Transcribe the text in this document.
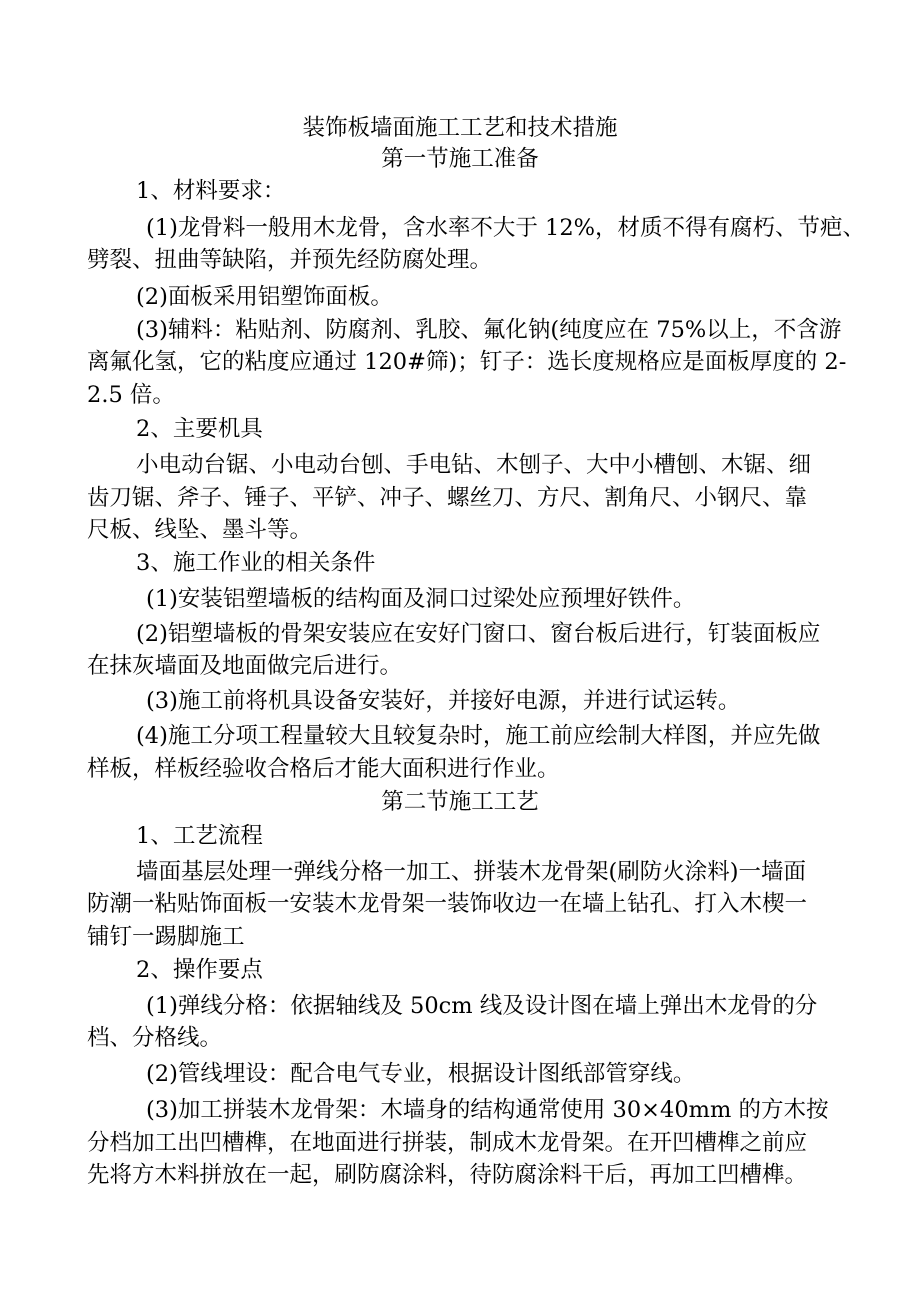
装饰板墙面施工工艺和技术措施
第一节施工准备
1、材料要求：
(1)龙骨料一般用木龙骨，含水率不大于 12%，材质不得有腐朽、节疤、
劈裂、扭曲等缺陷，并预先经防腐处理。
(2)面板采用铝塑饰面板。
(3)辅料：粘贴剂、防腐剂、乳胶、氟化钠(纯度应在 75%以上，不含游
离氟化氢，它的粘度应通过 120#筛)；钉子：选长度规格应是面板厚度的 2-
2.5 倍。
2、主要机具
小电动台锯、小电动台刨、手电钻、木刨子、大中小槽刨、木锯、细
齿刀锯、斧子、锤子、平铲、冲子、螺丝刀、方尺、割角尺、小钢尺、靠
尺板、线坠、墨斗等。
3、施工作业的相关条件
(1)安装铝塑墙板的结构面及洞口过梁处应预埋好铁件。
(2)铝塑墙板的骨架安装应在安好门窗口、窗台板后进行，钉装面板应
在抹灰墙面及地面做完后进行。
(3)施工前将机具设备安装好，并接好电源，并进行试运转。
(4)施工分项工程量较大且较复杂时，施工前应绘制大样图，并应先做
样板，样板经验收合格后才能大面积进行作业。
第二节施工工艺
1、工艺流程
墙面基层处理一弹线分格一加工、拼装木龙骨架(刷防火涂料)一墙面
防潮一粘贴饰面板一安装木龙骨架一装饰收边一在墙上钻孔、打入木楔一
铺钉一踢脚施工
2、操作要点
(1)弹线分格：依据轴线及 50cm 线及设计图在墙上弹出木龙骨的分
档、分格线。
(2)管线埋设：配合电气专业，根据设计图纸部管穿线。
(3)加工拼装木龙骨架：木墙身的结构通常使用 30×40mm 的方木按
分档加工出凹槽榫，在地面进行拼装，制成木龙骨架。在开凹槽榫之前应
先将方木料拼放在一起，刷防腐涂料，待防腐涂料干后，再加工凹槽榫。
